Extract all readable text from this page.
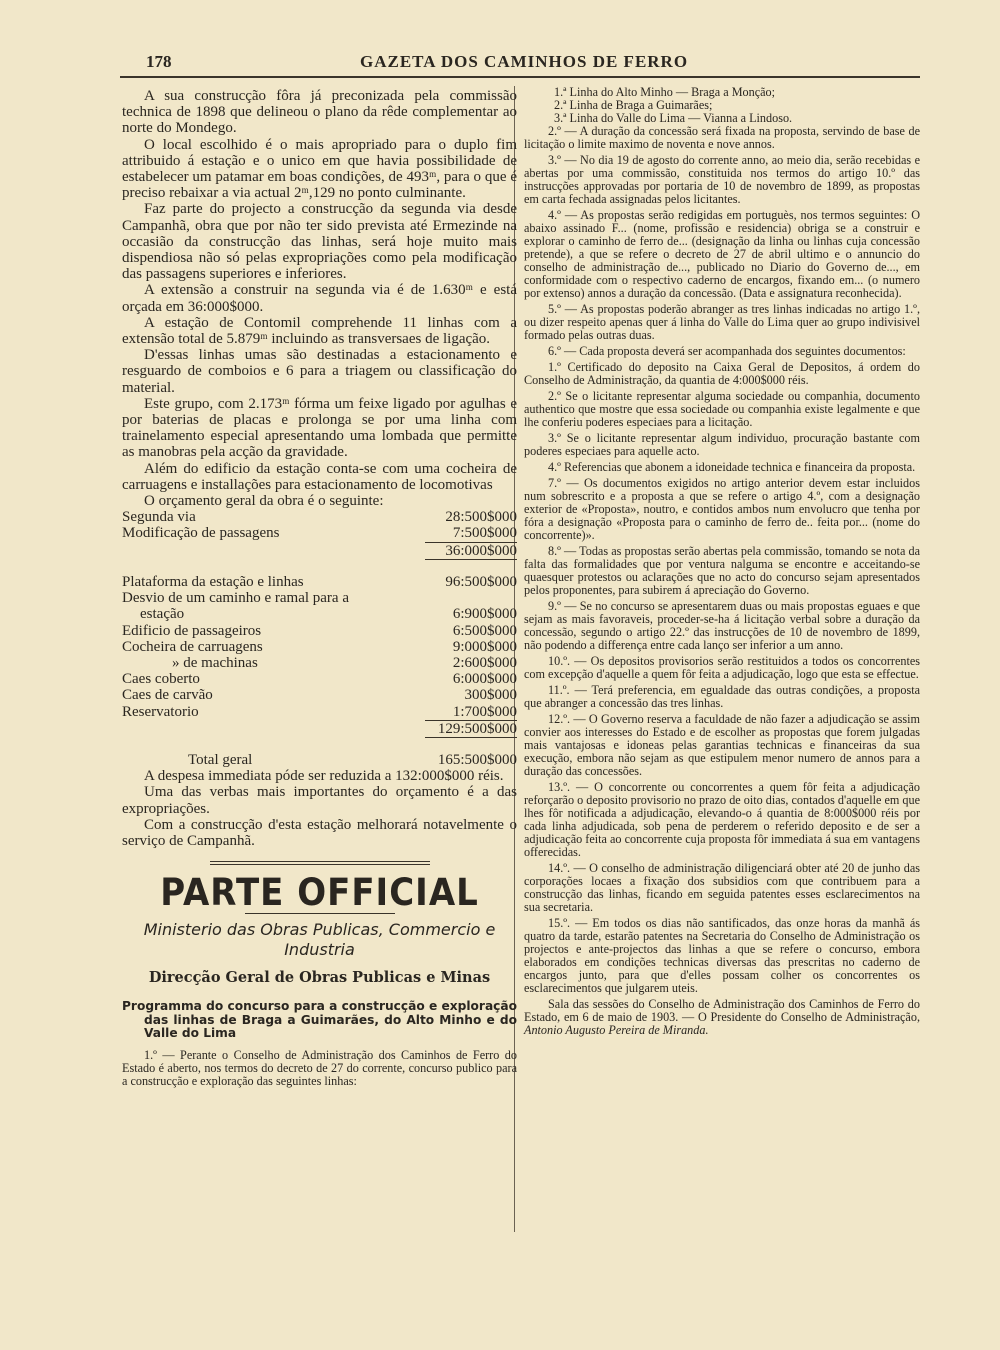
178	GAZETA DOS CAMINHOS DE FERRO

A sua construcção fôra já preconizada pela commissão technica de 1898 que delineou o plano da rêde complementar ao norte do Mondego.

O local escolhido é o mais apropriado para o duplo fim attribuido á estação e o unico em que havia possibilidade de estabelecer um patamar em boas condições, de 493ᵐ, para o que é preciso rebaixar a via actual 2ᵐ,129 no ponto culminante.

Faz parte do projecto a construcção da segunda via desde Campanhã, obra que por não ter sido prevista até Ermezinde na occasião da construcção das linhas, será hoje muito mais dispendiosa não só pelas expropriações como pela modificação das passagens superiores e inferiores.

A extensão a construir na segunda via é de 1.630ᵐ e está orçada em 36:000$000.

A estação de Contomil comprehende 11 linhas com a extensão total de 5.879ᵐ incluindo as transversaes de ligação.

D'essas linhas umas são destinadas a estacionamento e resguardo de comboios e 6 para a triagem ou classificação do material.

Este grupo, com 2.173ᵐ fórma um feixe ligado por agulhas e por baterias de placas e prolonga se por uma linha com trainelamento especial apresentando uma lombada que permitte as manobras pela acção da gravidade.

Além do edificio da estação conta-se com uma cocheira de carruagens e installações para estacionamento de locomotivas

O orçamento geral da obra é o seguinte:

Segunda via	28:500$000
Modificação de passagens	7:500$000
36:000$000
Plataforma da estação e linhas	96:500$000
Desvio de um caminho e ramal para a
estação	6:900$000
Edificio de passageiros	6:500$000
Cocheira de carruagens	9:000$000
» de machinas	2:600$000
Caes coberto	6:000$000
Caes de carvão	300$000
Reservatorio	1:700$000
129:500$000
Total geral	165:500$000

A despesa immediata póde ser reduzida a 132:000$000 réis.

Uma das verbas mais importantes do orçamento é a das expropriações.

Com a construcção d'esta estação melhorará notavelmente o serviço de Campanhã.

PARTE OFFICIAL
Ministerio das Obras Publicas, Commercio e Industria
Direcção Geral de Obras Publicas e Minas
Programma do concurso para a construcção e exploração das linhas de Braga a Guimarães, do Alto Minho e do Valle do Lima

1.º — Perante o Conselho de Administração dos Caminhos de Ferro do Estado é aberto, nos termos do decreto de 27 do corrente, concurso publico para a construcção e exploração das seguintes linhas:

1.ª Linha do Alto Minho — Braga a Monção;

2.ª Linha de Braga a Guimarães;

3.ª Linha do Valle do Lima — Vianna a Lindoso.

2.º — A duração da concessão será fixada na proposta, servindo de base de licitação o limite maximo de noventa e nove annos.

3.º — No dia 19 de agosto do corrente anno, ao meio dia, serão recebidas e abertas por uma commissão, constituida nos termos do artigo 10.º das instrucções approvadas por portaria de 10 de novembro de 1899, as propostas em carta fechada assignadas pelos licitantes.

4.º — As propostas serão redigidas em portuguès, nos termos seguintes: O abaixo assinado F... (nome, profissão e residencia) obriga se a construir e explorar o caminho de ferro de... (designação da linha ou linhas cuja concessão pretende), a que se refere o decreto de 27 de abril ultimo e o annuncio do conselho de administração de..., publicado no Diario do Governo de..., em conformidade com o respectivo caderno de encargos, fixando em... (o numero por extenso) annos a duração da concessão. (Data e assignatura reconhecida).

5.º — As propostas poderão abranger as tres linhas indicadas no artigo 1.º, ou dizer respeito apenas quer á linha do Valle do Lima quer ao grupo indivisivel formado pelas outras duas.

6.º — Cada proposta deverá ser acompanhada dos seguintes documentos:

1.º Certificado do deposito na Caixa Geral de Depositos, á ordem do Conselho de Administração, da quantia de 4:000$000 réis.

2.º Se o licitante representar alguma sociedade ou companhia, documento authentico que mostre que essa sociedade ou companhia existe legalmente e que lhe conferiu poderes especiaes para a licitação.

3.º Se o licitante representar algum individuo, procuração bastante com poderes especiaes para aquelle acto.

4.º Referencias que abonem a idoneidade technica e financeira da proposta.

7.º — Os documentos exigidos no artigo anterior devem estar incluidos num sobrescrito e a proposta a que se refere o artigo 4.º, com a designação exterior de «Proposta», noutro, e contidos ambos num envolucro que tenha por fóra a designação «Proposta para o caminho de ferro de.. feita por... (nome do concorrente)».

8.º — Todas as propostas serão abertas pela commissão, tomando se nota da falta das formalidades que por ventura nalguma se encontre e acceitando-se quaesquer protestos ou aclarações que no acto do concurso sejam apresentados pelos proponentes, para subirem á apreciação do Governo.

9.º — Se no concurso se apresentarem duas ou mais propostas eguaes e que sejam as mais favoraveis, proceder-se-ha á licitação verbal sobre a duração da concessão, segundo o artigo 22.º das instrucções de 10 de novembro de 1899, não podendo a differença entre cada lanço ser inferior a um anno.

10.º. — Os depositos provisorios serão restituidos a todos os concorrentes com excepção d'aquelle a quem fôr feita a adjudicação, logo que esta se effectue.

11.º. — Terá preferencia, em egualdade das outras condições, a proposta que abranger a concessão das tres linhas.

12.º. — O Governo reserva a faculdade de não fazer a adjudicação se assim convier aos interesses do Estado e de escolher as propostas que forem julgadas mais vantajosas e idoneas pelas garantias technicas e financeiras da sua execução, embora não sejam as que estipulem menor numero de annos para a duração das concessões.

13.º. — O concorrente ou concorrentes a quem fôr feita a adjudicação reforçarão o deposito provisorio no prazo de oito dias, contados d'aquelle em que lhes fôr notificada a adjudicação, elevando-o á quantia de 8:000$000 réis por cada linha adjudicada, sob pena de perderem o referido deposito e de ser a adjudicação feita ao concorrente cuja proposta fôr immediata á sua em vantagens offerecidas.

14.º. — O conselho de administração diligenciará obter até 20 de junho das corporações locaes a fixação dos subsidios com que contribuem para a construcção das linhas, ficando em seguida patentes esses esclarecimentos na sua secretaria.

15.º. — Em todos os dias não santificados, das onze horas da manhã ás quatro da tarde, estarão patentes na Secretaria do Conselho de Administração os projectos e ante-projectos das linhas a que se refere o concurso, embora elaborados em condições technicas diversas das prescritas no caderno de encargos junto, para que d'elles possam colher os concorrentes os esclarecimentos que julgarem uteis.

Sala das sessões do Conselho de Administração dos Caminhos de Ferro do Estado, em 6 de maio de 1903. — O Presidente do Conselho de Administração, Antonio Augusto Pereira de Miranda.
